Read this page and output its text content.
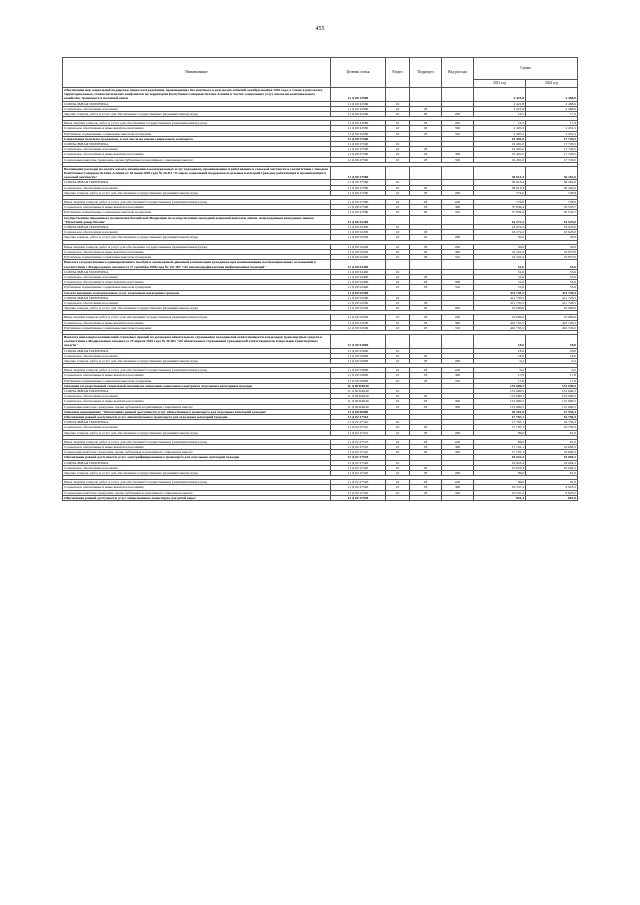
455
Наименование	Целевая статья	Раздел	Подраздел	Вид расхода	Сумма	
					2021 год	2022 год
Обеспечение мер социальной поддержки лицам пострадавшим, проживающих без заметного в результате событий октября-ноября 1992 года, а также в результате территориальных, этнополитических конфликтов на территории Республики Северная Осетия-Алания и частях социальных услуг апельсин-коммунального хозяйства, транспорта в палатной связи	11 Д 00 22580				2 421,8	2 468,9
СОЦИАЛЬНАЯ ПОЛИТИКА	11 Д 00 22580	10			2 421,8	2 468,9
Социальное обеспечение населения	11 Д 00 22580	10	03		2 421,8	2 468,9
Закупка товаров, работ и услуг для обеспечения государственных (муниципальных) нужд	11 Д 00 22580	10	03	200	16,5	17,4

Иные закупки товаров, работ и услуг для обеспечения государственных (муниципальных) нужд	11 Д 00 22580	10	03	240	16,5	17,4
Социальное обеспечение и иные выплаты населению	11 Д 00 22580	10	03	300	2 405,3	2 451,5
Публичные нормативные социальные выплаты гражданам	11 Д 00 22580	10	03	310	2 405,3	2 451,5
Социальные выплаты гражданам, в том числе на основе социального контракта	11 Д 00 27500				19 481,0	17 726,5
СОЦИАЛЬНАЯ ПОЛИТИКА	11 Д 00 27500	10			19 481,0	17 726,5
Социальное обеспечение населения	11 Д 00 27500	10	03		19 481,0	17 726,5
Социальное обеспечение и иные выплаты населению	11 Д 00 27500	10	03	300	19 481,0	17 726,5
Социальные выплаты гражданам, кроме публичных нормативных социальных выплат	11 Д 00 27500	10	03	320	19 481,0	17 726,5

Возмещение расходов по оплате жилого помещения и коммунальных услуг гражданам, проживающим и работающим в сельской местности в соответствии с Законом Республики Северная Осетия-Алания от 30 июня 2005 года № 28-РЗ "О мерах социальной поддержки отдельных категорий граждан, работающих и проживающих в сельской местности"	11 Д 00 27580				38 613,4	36 262,6
СОЦИАЛЬНАЯ ПОЛИТИКА	11 Д 00 27580	10			38 613,4	36 262,6
Социальное обеспечение населения	11 Д 00 27580	10	03		38 613,4	36 262,6
Закупка товаров, работ и услуг для обеспечения государственных (муниципальных) нужд	11 Д 00 27580	10	03	200	774,0	728,9

Иные закупки товаров, работ и услуг для обеспечения государственных (муниципальных) нужд	11 Д 00 27580	10	03	240	774,0	728,9
Социальное обеспечение и иные выплаты населению	11 Д 00 27580	10	03	300	37 839,4	35 533,7
Публичные нормативные социальные выплаты гражданам	11 Д 00 27580	10	03	310	37 839,4	35 533,7
Осуществление переданного полномочия Российской Федерации по осуществлению ежегодной денежной выплаты лицам, награжденным нагрудным знаком "Почетный донор России"	11 Д 00 52200				16 272,2	16 923,0
СОЦИАЛЬНАЯ ПОЛИТИКА	11 Д 00 52200	10			16 272,2	16 923,0
Социальное обеспечение населения	11 Д 00 52200	10	03		16 272,2	16 923,0
Закупка товаров, работ и услуг для обеспечения государственных (муниципальных) нужд	11 Д 00 52200	10	03	200	50,0	50,0

Иные закупки товаров, работ и услуг для обеспечения государственных (муниципальных) нужд	11 Д 00 52200	10	03	240	50,0	50,0
Социальное обеспечение и иные выплаты населению	11 Д 00 52200	10	03	300	16 222,2	16 873,0
Публичные нормативные социальные выплаты гражданам	11 Д 00 52200	10	03	310	16 222,2	16 873,0
Выплата государственного единовременного пособия и ежемесячной денежной компенсации гражданам при возникновении поствакцинальных осложнений в соответствии с Федеральным законом от 17 сентября 1998 года № 157-ФЗ "Об иммунопрофилактике инфекционных болезней"	11 Д 00 52400				51,6	53,6
СОЦИАЛЬНАЯ ПОЛИТИКА	11 Д 00 52400	10			51,6	53,6
Социальное обеспечение населения	11 Д 00 52400	10	03		51,6	53,6
Социальное обеспечение и иные выплаты населению	11 Д 00 52400	10	03	300	51,6	53,6
Публичные нормативные социальные выплаты гражданам	11 Д 00 52400	10	03	310	51,6	53,6
Оплата жилищно-коммунальных услуг отдельным категориям граждан	11 Д 00 52500				411 735,5	411 726,5
СОЦИАЛЬНАЯ ПОЛИТИКА	11 Д 00 52500	10			411 735,5	411 726,5
Социальное обеспечение населения	11 Д 00 52500	10	03		411 735,5	411 726,5
Закупка товаров, работ и услуг для обеспечения государственных (муниципальных) нужд	11 Д 00 52500	10	03	200	10 000,0	10 000,0

Иные закупки товаров, работ и услуг для обеспечения государственных (муниципальных) нужд	11 Д 00 52500	10	03	240	10 000,0	10 000,0
Социальное обеспечение и иные выплаты населению	11 Д 00 52500	10	03	300	401 735,5	401 726,5
Публичные нормативные социальные выплаты гражданам	11 Д 00 52500	10	03	310	401 735,5	401 726,5

Выплата инвалидам компенсаций страховых премий по договорам обязательного страхования гражданской ответственности владельцев транспортных средств в соответствии с Федеральным законом от 25 апреля 2002 года № 40-ФЗ "Об обязательном страховании гражданской ответственности владельцев транспортных средств"	11 Д 00 52800				18,0	18,0
СОЦИАЛЬНАЯ ПОЛИТИКА	11 Д 00 52800	10			18,0	18,0
Социальное обеспечение населения	11 Д 00 52800	10	03		18,0	18,0
Закупка товаров, работ и услуг для обеспечения государственных (муниципальных) нужд	11 Д 00 52800	10	03	200	0,2	0,2

Иные закупки товаров, работ и услуг для обеспечения государственных (муниципальных) нужд	11 Д 00 52800	10	03	240	0,2	0,2
Социальное обеспечение и иные выплаты населению	11 Д 00 52800	10	03	300	17,8	17,8
Публичные нормативные социальные выплаты гражданам	11 Д 00 52800	10	03	310	17,8	17,8
Оказание государственной социальной помощи на основании социального контракта отдельным категориям граждан	11 Д 00 R4040				151 690,5	151 690,5
СОЦИАЛЬНАЯ ПОЛИТИКА	11 Д 00 R4040	10			151 690,5	151 690,5
Социальное обеспечение населения	11 Д 00 R4040	10	03		151 690,5	151 690,5
Социальное обеспечение и иные выплаты населению	11 Д 00 R4040	10	03	300	151 690,5	151 690,5
Социальные выплаты гражданам, кроме публичных нормативных социальных выплат	11 Д 00 R4040	10	03	320	151 690,5	151 690,5
Основное мероприятие "Обеспечение равной доступности услуг общественного транспорта для отдельных категорий граждан"	11 Д 00 00000				29 261,9	27 556,3
Обеспечение равной доступности услуг автомобильного транспорта для отдельных категорий граждан	11 Д 02 27510				17 787,1	16 750,3
СОЦИАЛЬНАЯ ПОЛИТИКА	11 Д 02 27510	10			17 787,1	16 750,3
Социальное обеспечение населения	11 Д 02 27510	10	03		17 787,1	16 750,3
Закупка товаров, работ и услуг для обеспечения государственных (муниципальных) нужд	11 Д 02 27510	10	03	200	86,0	81,0

Иные закупки товаров, работ и услуг для обеспечения государственных (муниципальных) нужд	11 Д 02 27510	10	03	240	86,0	81,0
Социальное обеспечение и иные выплаты населению	11 Д 02 27510	10	03	300	17 701,1	16 669,3
Социальные выплаты гражданам, кроме публичных нормативных социальных выплат	11 Д 02 27510	10	03	320	17 701,1	16 669,3
Обеспечение равной доступности услуг электрифицированного транспорта для отдельных категорий граждан	11 Д 02 27520				10 623,4	10 004,2
СОЦИАЛЬНАЯ ПОЛИТИКА	11 Д 02 27520	10			10 623,4	10 004,2
Социальное обеспечение населения	11 Д 02 27520	10	03		10 623,4	10 004,2
Закупка товаров, работ и услуг для обеспечения государственных (муниципальных) нужд	11 Д 02 27520	10	03	200	86,0	81,0

Иные закупки товаров, работ и услуг для обеспечения государственных (муниципальных) нужд	11 Д 02 27520	10	03	240	86,0	81,0
Социальное обеспечение и иные выплаты населению	11 Д 02 27520	10	03	300	10 537,4	9 923,2
Социальные выплаты гражданам, кроме публичных нормативных социальных выплат	11 Д 02 27520	10	03	320	10 537,4	9 923,2
Обеспечение равной доступности услуг общественного транспорта для детей сирот	11 Д 02 27530				851,4	801,8
